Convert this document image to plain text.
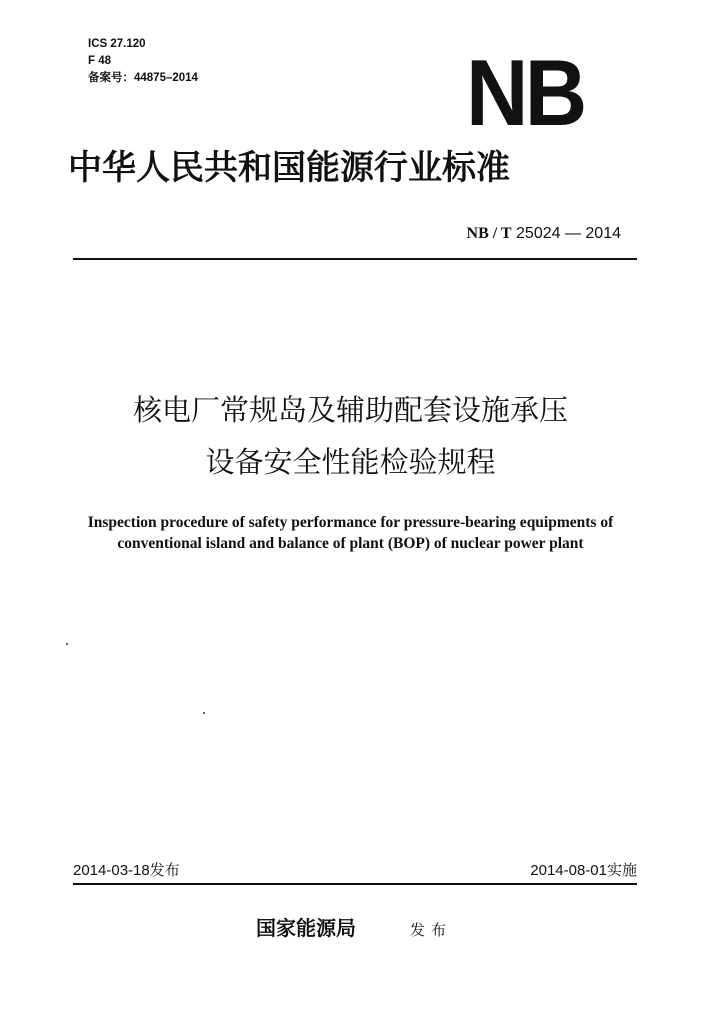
ICS 27.120
F 48
备案号：44875–2014	NB
中华人民共和国能源行业标准
NB / T 25024 — 2014
核电厂常规岛及辅助配套设施承压
设备安全性能检验规程
Inspection procedure of safety performance for pressure-bearing equipments of
conventional island and balance of plant (BOP) of nuclear power plant
2014-03-18发布	2014-08-01实施
国家能源局	发布
